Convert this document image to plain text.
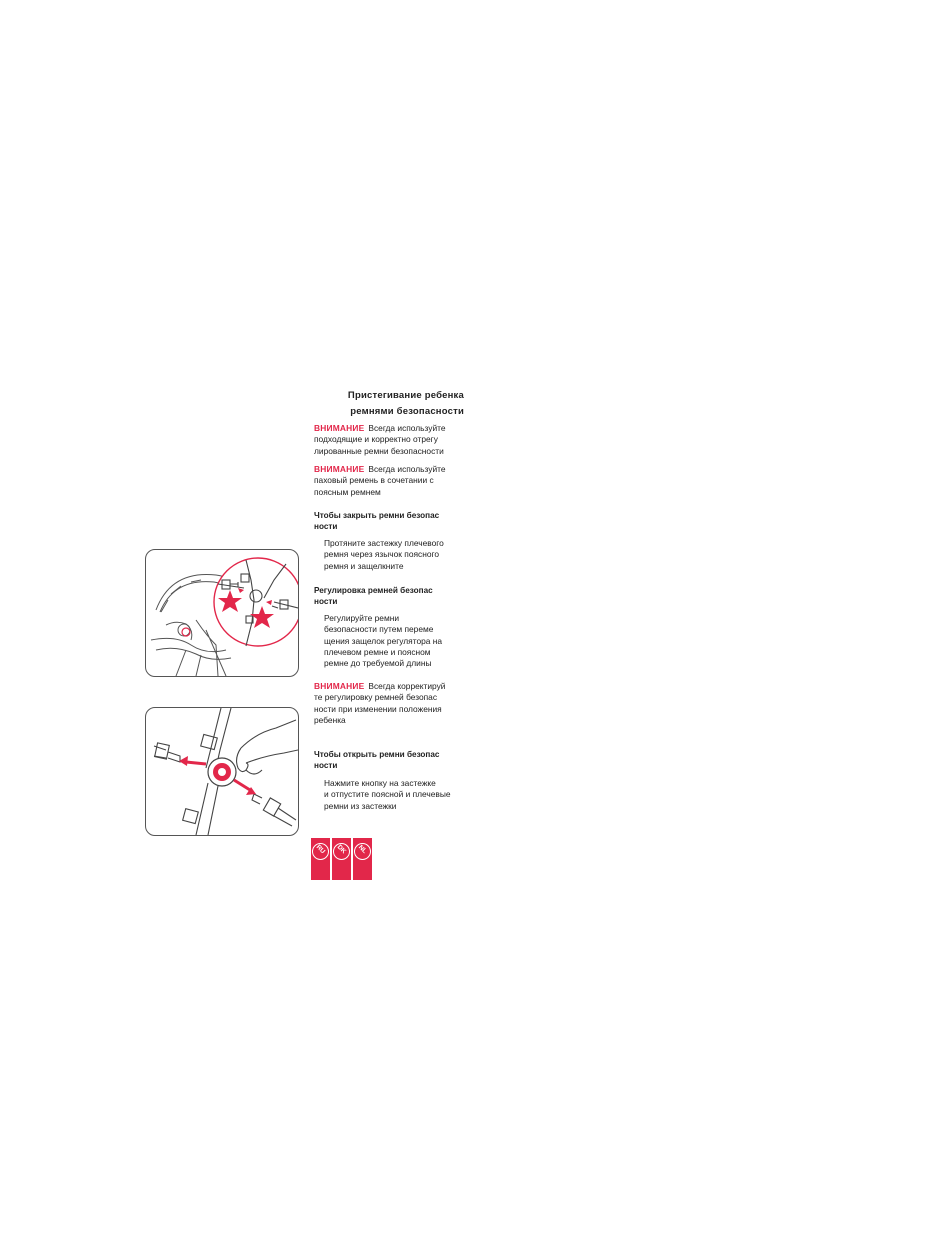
Пристегивание ребенка
ремнями безопасности
ВНИМАНИЕ Всегда используйте
подходящие и корректно отрегу
лированные ремни безопасности
ВНИМАНИЕ Всегда используйте
паховый ремень в сочетании с
поясным ремнем
Чтобы закрыть ремни безопас
ности
Протяните застежку плечевого
ремня через язычок поясного
ремня и защелкните
Регулировка ремней безопас
ности
Регулируйте ремни
безопасности путем переме
щения защелок регулятора на
плечевом ремне и поясном
ремне до требуемой длины
ВНИМАНИЕ Всегда корректируй
те регулировку ремней безопас
ности при изменении положения
ребенка
Чтобы открыть ремни безопас
ности
Нажмите кнопку на застежке
и отпустите поясной и плечевые
ремни из застежки
RU	DK	NL
